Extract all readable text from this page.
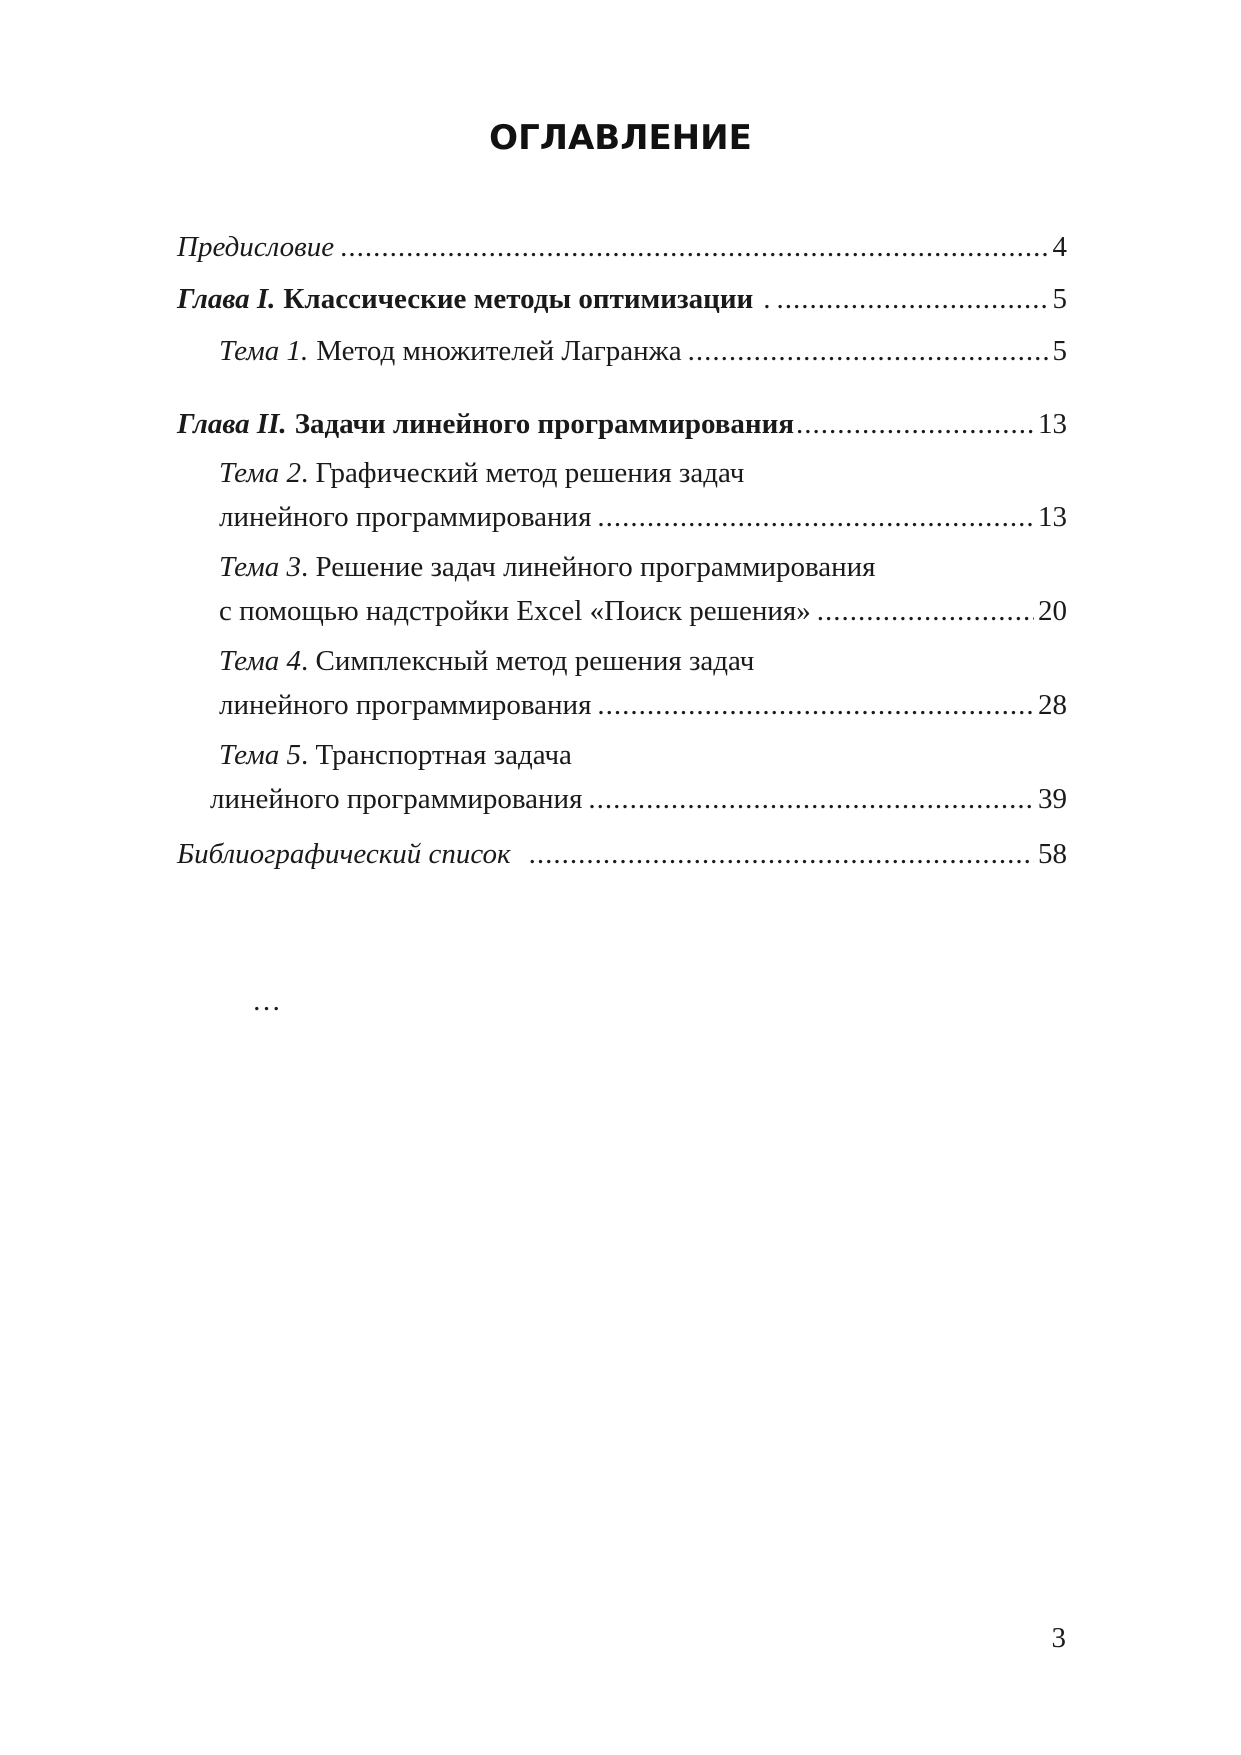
ОГЛАВЛЕНИЕ
Предисловие .....	4
Глава I. Классические методы оптимизации . .....	5
Тема 1. Метод множителей Лагранжа .....	5
Глава II. Задачи линейного программирования .....	13
Тема 2. Графический метод решения задач
линейного программирования .....	13
Тема 3. Решение задач линейного программирования
с помощью надстройки Excel «Поиск решения» .....	20
Тема 4. Симплексный метод решения задач
линейного программирования .....	28
Тема 5. Транспортная задача
линейного программирования .....	39
Библиографический список .....	58
…
3
